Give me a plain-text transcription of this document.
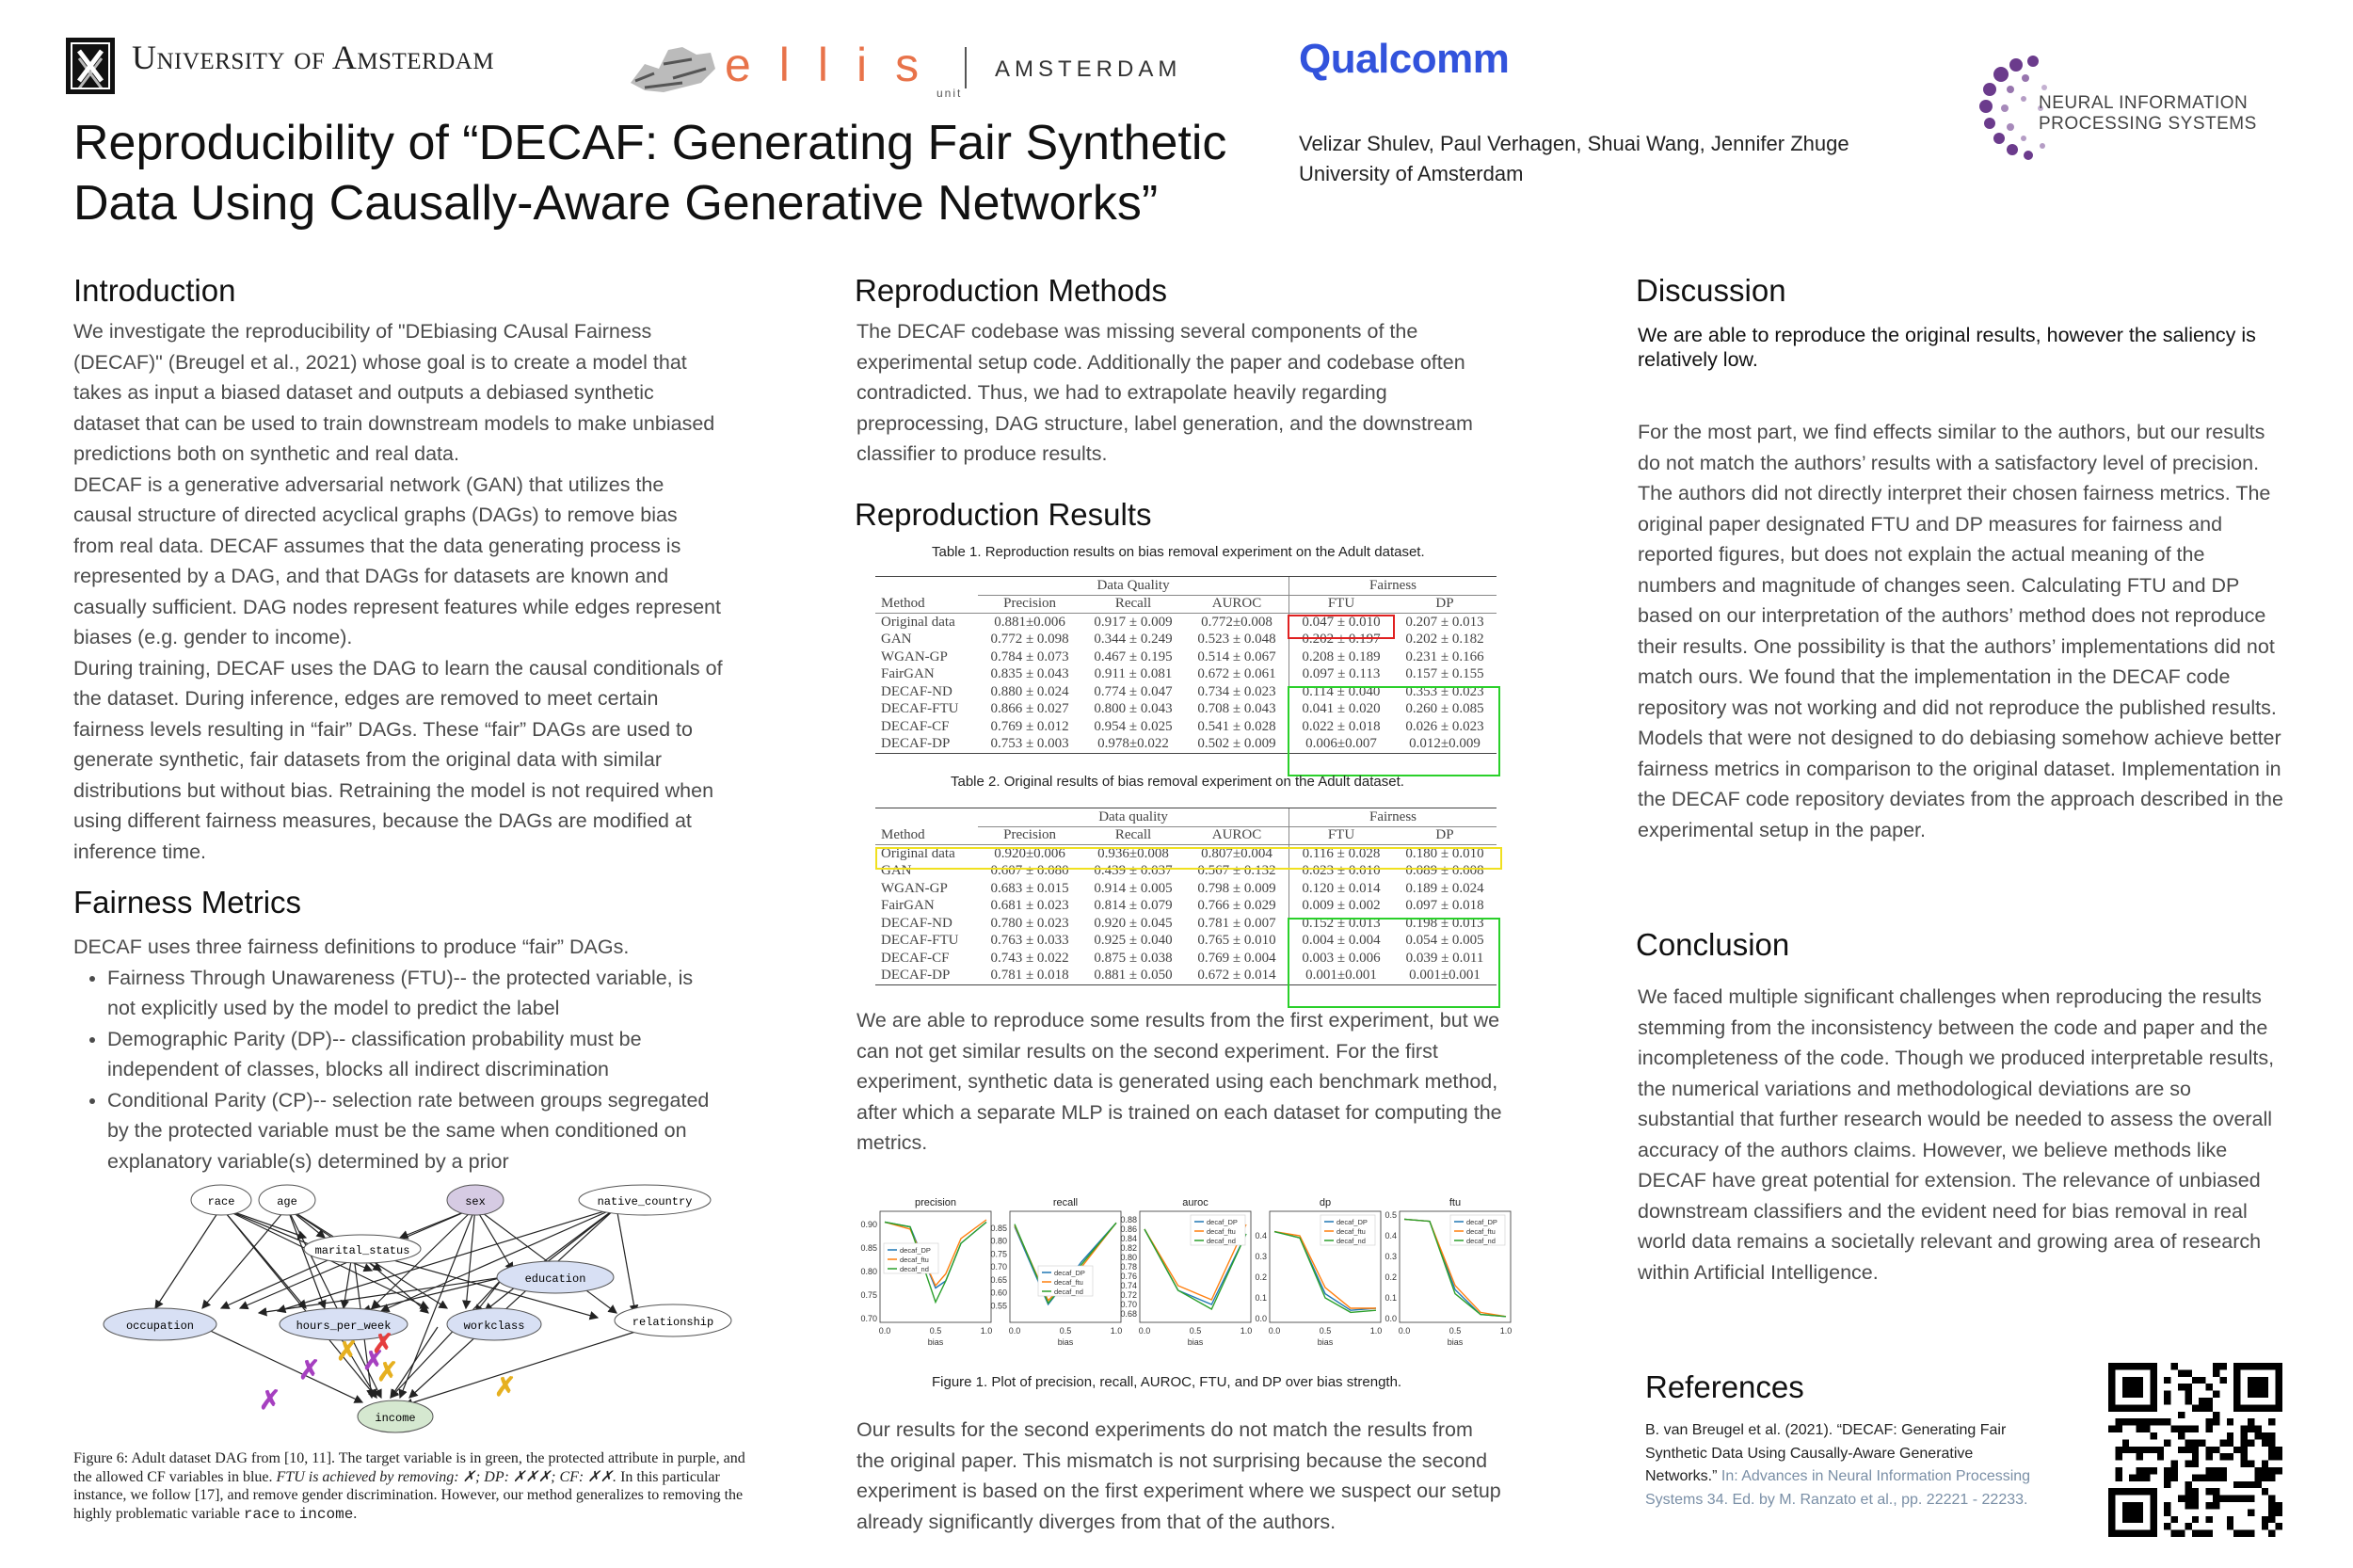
University of Amsterdam	ellis
unit
AMSTERDAM	Qualcomm
NEURAL INFORMATION
PROCESSING SYSTEMS
Reproducibility of “DECAF: Generating Fair Synthetic
Data Using Causally-Aware Generative Networks”
Velizar Shulev, Paul Verhagen, Shuai Wang, Jennifer Zhuge
University of Amsterdam
Introduction
We investigate the reproducibility of "DEbiasing CAusal Fairness (DECAF)" (Breugel et al., 2021) whose goal is to create a model that takes as input a biased dataset and outputs a debiased synthetic dataset that can be used to train downstream models to make unbiased predictions both on synthetic and real data.
DECAF is a generative adversarial network (GAN) that utilizes the causal structure of directed acyclical graphs (DAGs) to remove bias from real data. DECAF assumes that the data generating process is represented by a DAG, and that DAGs for datasets are known and casually sufficient. DAG nodes represent features while edges represent biases (e.g. gender to income).
During training, DECAF uses the DAG to learn the causal conditionals of the dataset. During inference, edges are removed to meet certain fairness levels resulting in “fair” DAGs. These “fair” DAGs are used to generate synthetic, fair datasets from the original data with similar distributions but without bias. Retraining the model is not required when using different fairness measures, because the DAGs are modified at inference time.
Fairness Metrics
DECAF uses three fairness definitions to produce “fair” DAGs.
• Fairness Through Unawareness (FTU)-- the protected variable, is not explicitly used by the model to predict the label
• Demographic Parity (DP)-- classification probability must be independent of classes, blocks all indirect discrimination
• Conditional Parity (CP)-- selection rate between groups segregated by the protected variable must be the same when conditioned on explanatory variable(s) determined by a prior
race	age	sex	native_country
marital_status
education
occupation	hours_per_week	workclass	relationship
income
✗
✗ ✗
✗
✗
✗
✗
Figure 6: Adult dataset DAG from [10, 11]. The target variable is in green, the protected attribute in purple, and the allowed CF variables in blue. FTU is achieved by removing: ✗; DP: ✗✗✗; CF: ✗✗. In this particular instance, we follow [17], and remove gender discrimination. However, our method generalizes to removing the highly problematic variable race to income.
Reproduction Methods
The DECAF codebase was missing several components of the experimental setup code. Additionally the paper and codebase often contradicted. Thus, we had to extrapolate heavily regarding preprocessing, DAG structure, label generation, and the downstream classifier to produce results.
Reproduction Results
Table 1. Reproduction results on bias removal experiment on the Adult dataset.
	Data Quality			Fairness	
Method	Precision	Recall	AUROC	FTU	DP
Original data	0.881±0.006	0.917 ± 0.009	0.772±0.008	0.047 ± 0.010	0.207 ± 0.013
GAN	0.772 ± 0.098	0.344 ± 0.249	0.523 ± 0.048	0.202 ± 0.197	0.202 ± 0.182
WGAN-GP	0.784 ± 0.073	0.467 ± 0.195	0.514 ± 0.067	0.208 ± 0.189	0.231 ± 0.166
FairGAN	0.835 ± 0.043	0.911 ± 0.081	0.672 ± 0.061	0.097 ± 0.113	0.157 ± 0.155
DECAF-ND	0.880 ± 0.024	0.774 ± 0.047	0.734 ± 0.023	0.114 ± 0.040	0.353 ± 0.023
DECAF-FTU	0.866 ± 0.027	0.800 ± 0.043	0.708 ± 0.043	0.041 ± 0.020	0.260 ± 0.085
DECAF-CF	0.769 ± 0.012	0.954 ± 0.025	0.541 ± 0.028	0.022 ± 0.018	0.026 ± 0.023
DECAF-DP	0.753 ± 0.003	0.978±0.022	0.502 ± 0.009	0.006±0.007	0.012±0.009
Table 2. Original results of bias removal experiment on the Adult dataset.
	Data quality			Fairness	
Method	Precision	Recall	AUROC	FTU	DP
Original data	0.920±0.006	0.936±0.008	0.807±0.004	0.116 ± 0.028	0.180 ± 0.010
GAN	0.607 ± 0.080	0.439 ± 0.037	0.567 ± 0.132	0.023 ± 0.010	0.089 ± 0.008
WGAN-GP	0.683 ± 0.015	0.914 ± 0.005	0.798 ± 0.009	0.120 ± 0.014	0.189 ± 0.024
FairGAN	0.681 ± 0.023	0.814 ± 0.079	0.766 ± 0.029	0.009 ± 0.002	0.097 ± 0.018
DECAF-ND	0.780 ± 0.023	0.920 ± 0.045	0.781 ± 0.007	0.152 ± 0.013	0.198 ± 0.013
DECAF-FTU	0.763 ± 0.033	0.925 ± 0.040	0.765 ± 0.010	0.004 ± 0.004	0.054 ± 0.005
DECAF-CF	0.743 ± 0.022	0.875 ± 0.038	0.769 ± 0.004	0.003 ± 0.006	0.039 ± 0.011
DECAF-DP	0.781 ± 0.018	0.881 ± 0.050	0.672 ± 0.014	0.001±0.001	0.001±0.001
We are able to reproduce some results from the first experiment, but we can not get similar results on the second experiment. For the first experiment, synthetic data is generated using each benchmark method, after which a separate MLP is trained on each dataset for computing the metrics.
precision
bias
0.70
0.75
0.80
0.85
0.90
0.0	0.5	1.0
decaf_DP
decaf_ftu
decaf_nd
recall
bias
0.55
0.60
0.65
0.70
0.75
0.80
0.85
0.0	0.5	1.0
decaf_DP
decaf_ftu
decaf_nd
auroc
bias
0.68
0.70
0.72
0.74
0.76
0.78
0.80
0.82
0.84
0.86
0.88
0.0	0.5	1.0
decaf_DP
decaf_ftu
decaf_nd
dp
bias
0.0
0.1
0.2
0.3
0.4
0.0	0.5	1.0
decaf_DP
decaf_ftu
decaf_nd
ftu
bias
0.0
0.1
0.2
0.3
0.4
0.5
0.0	0.5	1.0
decaf_DP
decaf_ftu
decaf_nd
Figure 1. Plot of precision, recall, AUROC, FTU, and DP over bias strength.
Our results for the second experiments do not match the results from the original paper. This mismatch is not surprising because the second experiment is based on the first experiment where we suspect our setup already significantly diverges from that of the authors.
Discussion
We are able to reproduce the original results, however the saliency is relatively low.
For the most part, we find effects similar to the authors, but our results do not match the authors’ results with a satisfactory level of precision. The authors did not directly interpret their chosen fairness metrics. The original paper designated FTU and DP measures for fairness and reported figures, but does not explain the actual meaning of the numbers and magnitude of changes seen. Calculating FTU and DP based on our interpretation of the authors’ method does not reproduce their results. One possibility is that the authors’ implementations did not match ours. We found that the implementation in the DECAF code repository was not working and did not reproduce the published results. Models that were not designed to do debiasing somehow achieve better fairness metrics in comparison to the original dataset. Implementation in the DECAF code repository deviates from the approach described in the experimental setup in the paper.
Conclusion
We faced multiple significant challenges when reproducing the results stemming from the inconsistency between the code and paper and the incompleteness of the code. Though we produced interpretable results, the numerical variations and methodological deviations are so substantial that further research would be needed to assess the overall accuracy of the authors claims. However, we believe methods like DECAF have great potential for extension. The relevance of unbiased downstream classifiers and the evident need for bias removal in real world data remains a societally relevant and growing area of research within Artificial Intelligence.
References
B. van Breugel et al. (2021). “DECAF: Generating Fair Synthetic Data Using Causally-Aware Generative Networks.” In: Advances in Neural Information Processing Systems 34. Ed. by M. Ranzato et al., pp. 22221 - 22233.
